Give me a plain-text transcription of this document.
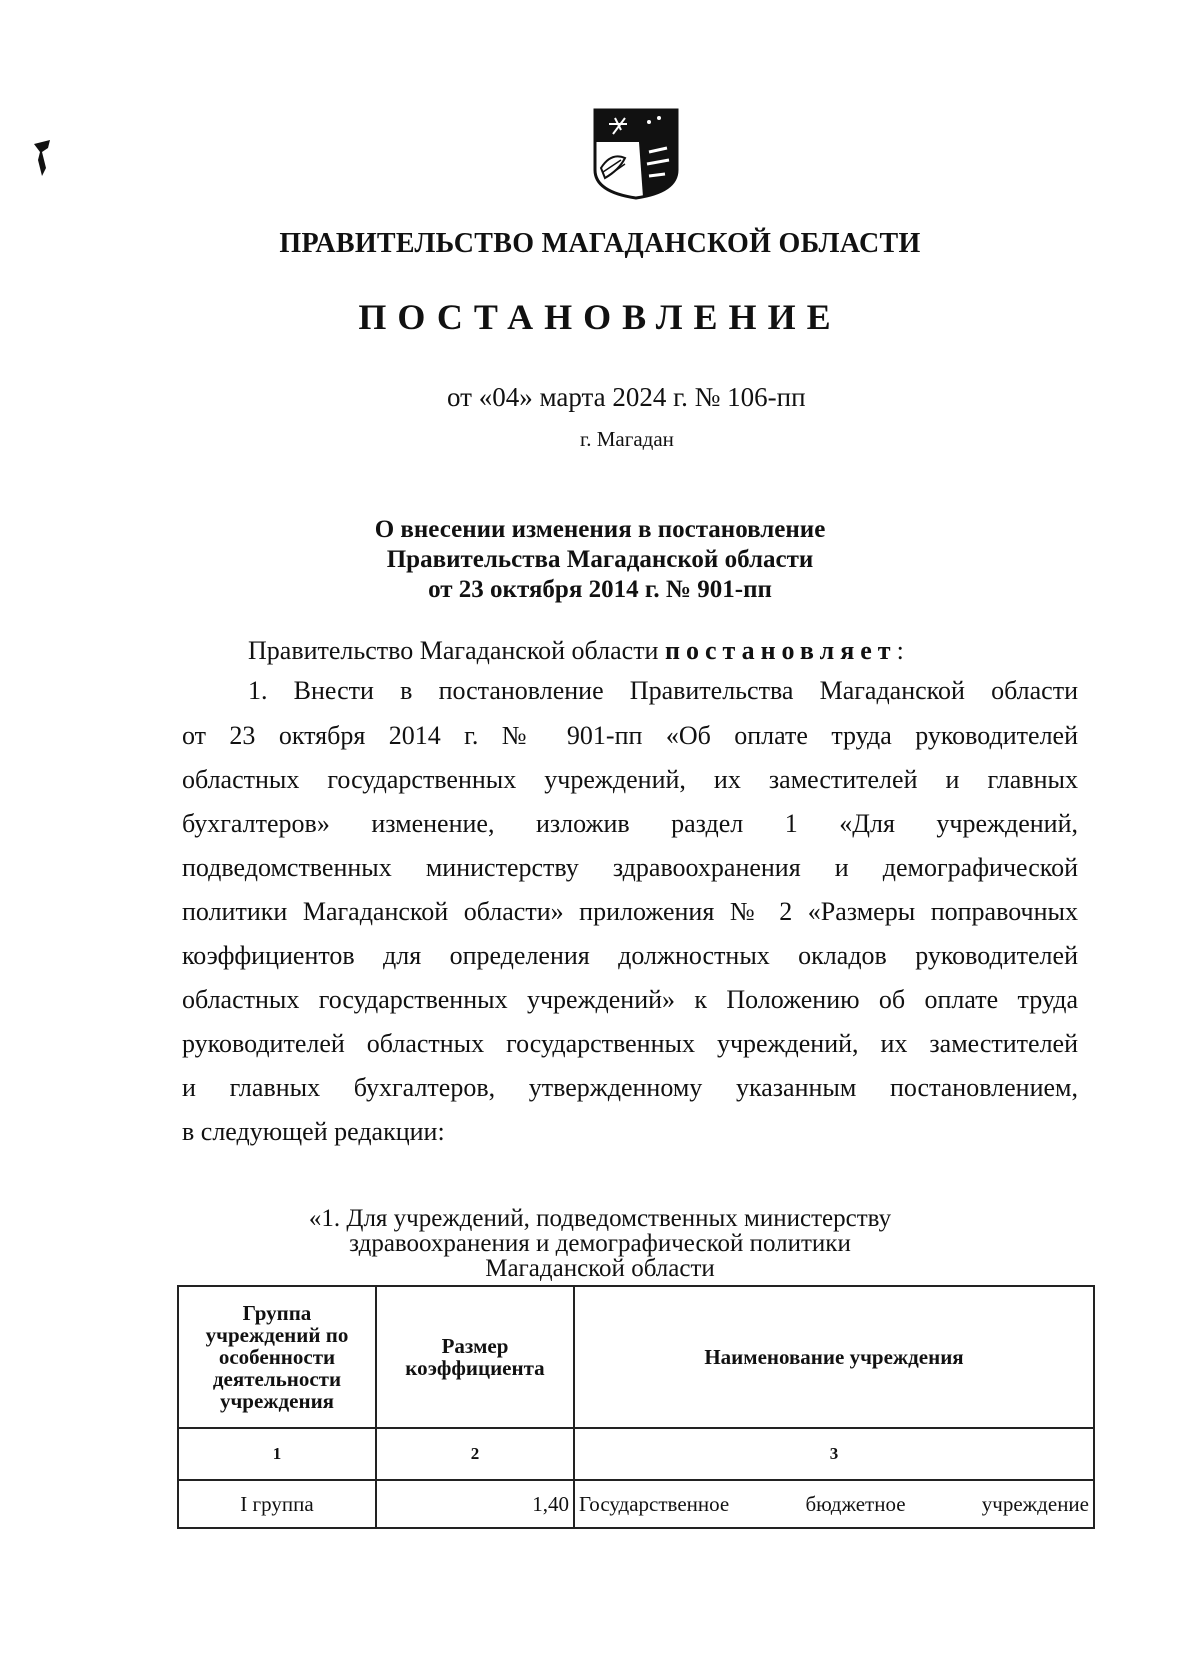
ПРАВИТЕЛЬСТВО МАГАДАНСКОЙ ОБЛАСТИ
ПОСТАНОВЛЕНИЕ
от «04» марта 2024 г. № 106-пп
г. Магадан
О внесении изменения в постановление
Правительства Магаданской области
от 23 октября 2014 г. № 901-пп
Правительство Магаданской области постановляет:
1. Внести в постановление Правительства Магаданской области
от 23 октября 2014 г. № 901-пп «Об оплате труда руководителей
областных государственных учреждений, их заместителей и главных
бухгалтеров» изменение, изложив раздел 1 «Для учреждений,
подведомственных министерству здравоохранения и демографической
политики Магаданской области» приложения № 2 «Размеры поправочных
коэффициентов для определения должностных окладов руководителей
областных государственных учреждений» к Положению об оплате труда
руководителей областных государственных учреждений, их заместителей
и главных бухгалтеров, утвержденному указанным постановлением,
в следующей редакции:
«1. Для учреждений, подведомственных министерству
здравоохранения и демографической политики
Магаданской области
Группа учреждений по особенности деятельности учреждения	Размер коэффициента	Наименование учреждения
1	2	3
I группа	1,40	Государственное бюджетное учреждение
